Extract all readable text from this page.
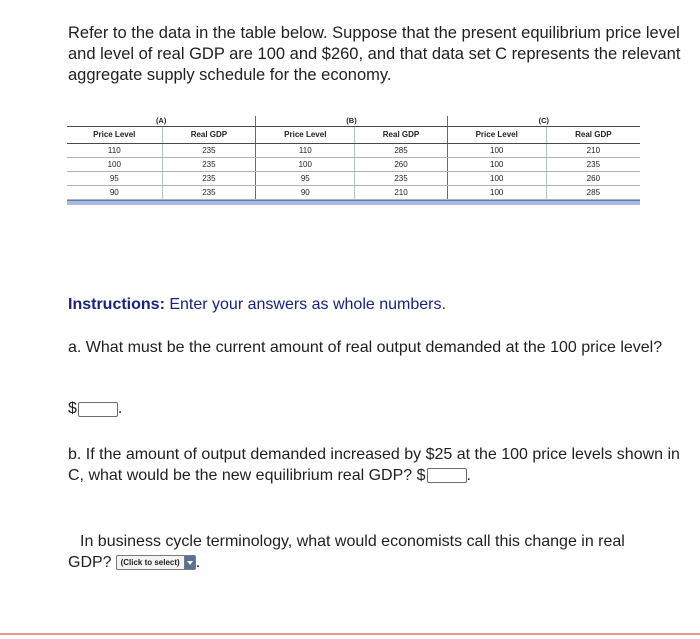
Refer to the data in the table below. Suppose that the present equilibrium price level and level of real GDP are 100 and $260, and that data set C represents the relevant aggregate supply schedule for the economy.

(A)		(B)		(C)	
Price Level	Real GDP	Price Level	Real GDP	Price Level	Real GDP
110	235	110	285	100	210
100	235	100	260	100	235
95	235	95	235	100	260
90	235	90	210	100	285
Instructions: Enter your answers as whole numbers.

a. What must be the current amount of real output demanded at the 100 price level?

$	.

b. If the amount of output demanded increased by $25 at the 100 price levels shown in C, what would be the new equilibrium real GDP? $	.

In business cycle terminology, what would economists call this change in real
GDP? (Click to select) .
